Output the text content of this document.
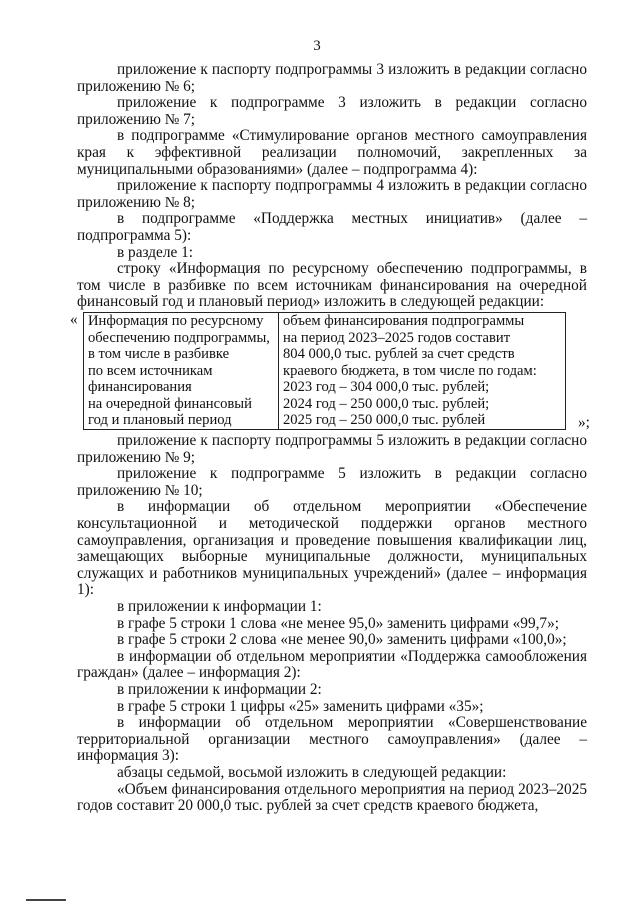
3

приложение к паспорту подпрограммы 3 изложить в редакции согласно приложению № 6;

приложение к подпрограмме 3 изложить в редакции согласно приложению № 7;

в подпрограмме «Стимулирование органов местного самоуправления края к эффективной реализации полномочий, закрепленных за муниципальными образованиями» (далее – подпрограмма 4):

приложение к паспорту подпрограммы 4 изложить в редакции согласно приложению № 8;

в подпрограмме «Поддержка местных инициатив» (далее – подпрограмма 5):

в разделе 1:

строку «Информация по ресурсному обеспечению подпрограммы, в том числе в разбивке по всем источникам финансирования на очередной финансовый год и плановый период» изложить в следующей редакции:

« Информация по ресурсному
обеспечению подпрограммы,
в том числе в разбивке
по всем источникам
финансирования
на очередной финансовый
год и плановый период

объем финансирования подпрограммы
на период 2023–2025 годов составит
804 000,0 тыс. рублей за счет средств
краевого бюджета, в том числе по годам:
2023 год – 304 000,0 тыс. рублей;
2024 год – 250 000,0 тыс. рублей;
2025 год – 250 000,0 тыс. рублей	»;

приложение к паспорту подпрограммы 5 изложить в редакции согласно приложению № 9;

приложение к подпрограмме 5 изложить в редакции согласно приложению № 10;

в информации об отдельном мероприятии «Обеспечение консультационной и методической поддержки органов местного самоуправления, организация и проведение повышения квалификации лиц, замещающих выборные муниципальные должности, муниципальных служащих и работников муниципальных учреждений» (далее – информация 1):

в приложении к информации 1:

в графе 5 строки 1 слова «не менее 95,0» заменить цифрами «99,7»;

в графе 5 строки 2 слова «не менее 90,0» заменить цифрами «100,0»;

в информации об отдельном мероприятии «Поддержка самообложения граждан» (далее – информация 2):

в приложении к информации 2:

в графе 5 строки 1 цифры «25» заменить цифрами «35»;

в информации об отдельном мероприятии «Совершенствование территориальной организации местного самоуправления» (далее – информация 3):

абзацы седьмой, восьмой изложить в следующей редакции:

«Объем финансирования отдельного мероприятия на период 2023–2025 годов составит 20 000,0 тыс. рублей за счет средств краевого бюджета,
